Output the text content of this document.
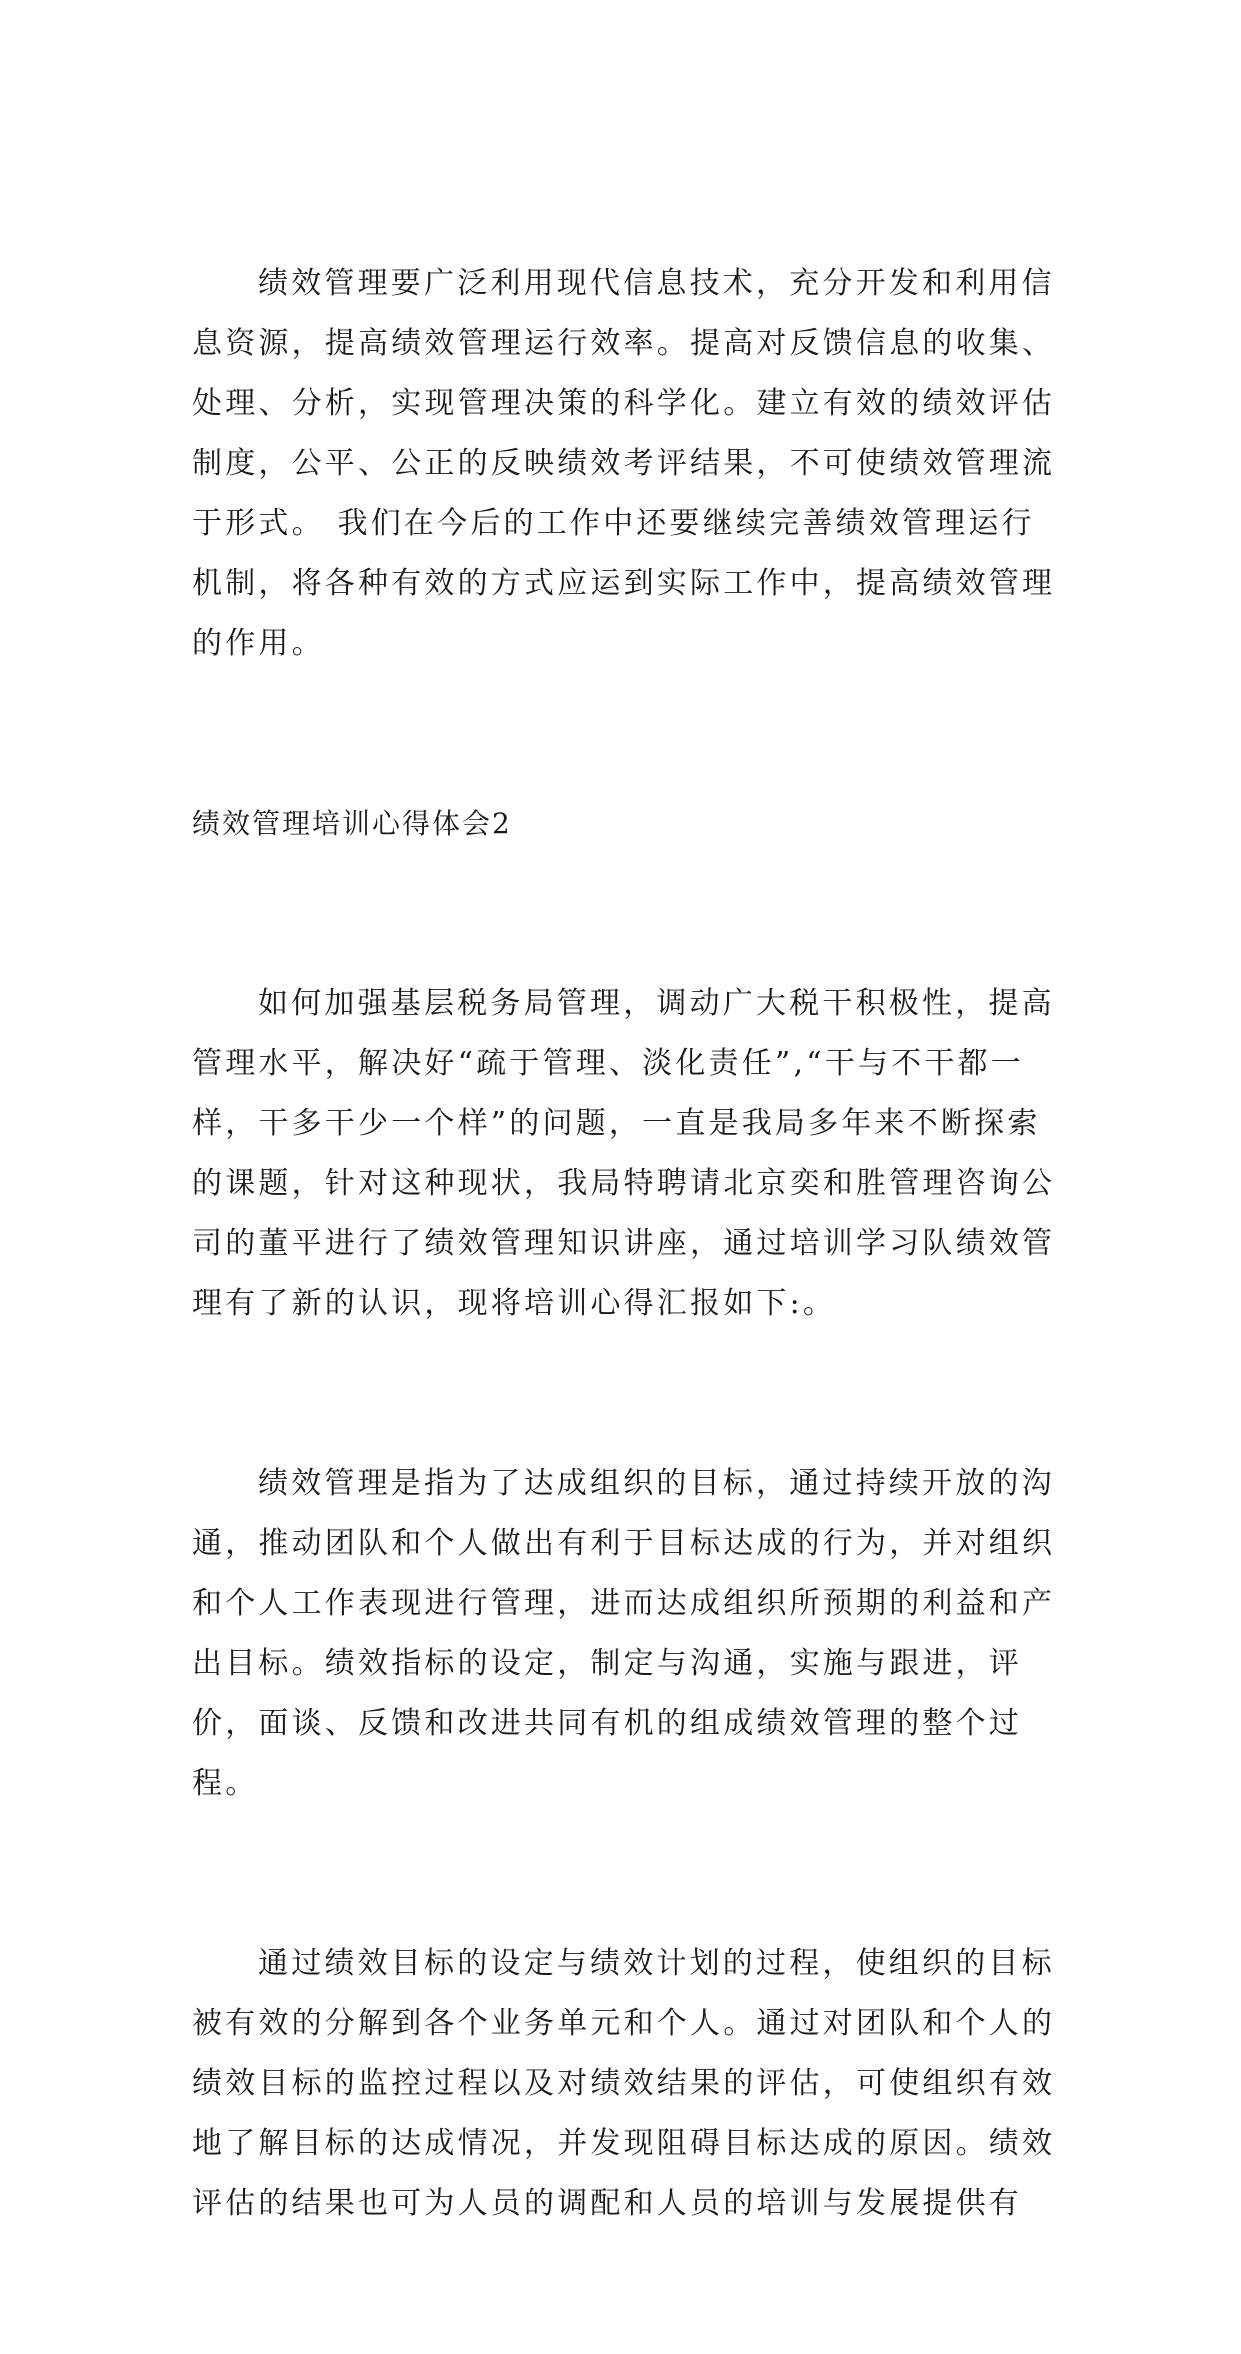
绩效管理要广泛利用现代信息技术，充分开发和利用信息资源，提高绩效管理运行效率。提高对反馈信息的收集、处理、分析，实现管理决策的科学化。建立有效的绩效评估制度，公平、公正的反映绩效考评结果，不可使绩效管理流于形式。 我们在今后的工作中还要继续完善绩效管理运行机制，将各种有效的方式应运到实际工作中，提高绩效管理的作用。

绩效管理培训心得体会2

如何加强基层税务局管理，调动广大税干积极性，提高管理水平，解决好“疏于管理、淡化责任”,“干与不干都一样，干多干少一个样”的问题，一直是我局多年来不断探索的课题，针对这种现状，我局特聘请北京奕和胜管理咨询公司的董平进行了绩效管理知识讲座，通过培训学习队绩效管理有了新的认识，现将培训心得汇报如下:。

绩效管理是指为了达成组织的目标，通过持续开放的沟通，推动团队和个人做出有利于目标达成的行为，并对组织和个人工作表现进行管理，进而达成组织所预期的利益和产出目标。绩效指标的设定，制定与沟通，实施与跟进，评价，面谈、反馈和改进共同有机的组成绩效管理的整个过程。

通过绩效目标的设定与绩效计划的过程，使组织的目标被有效的分解到各个业务单元和个人。通过对团队和个人的绩效目标的监控过程以及对绩效结果的评估，可使组织有效地了解目标的达成情况，并发现阻碍目标达成的原因。绩效评估的结果也可为人员的调配和人员的培训与发展提供有
